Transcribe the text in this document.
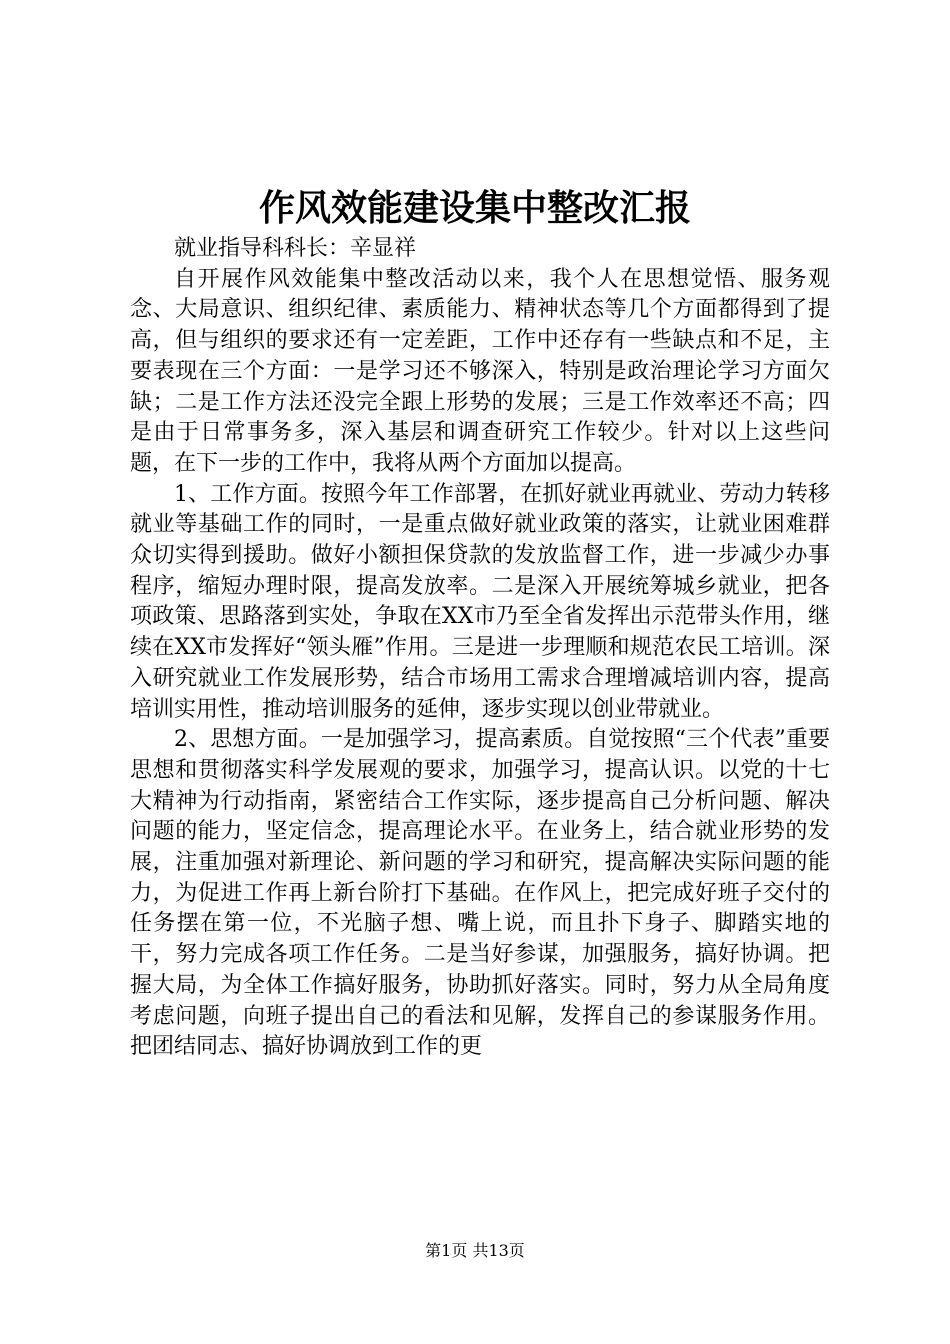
作风效能建设集中整改汇报

就业指导科科长：辛显祥

自开展作风效能集中整改活动以来，我个人在思想觉悟、服务观念、大局意识、组织纪律、素质能力、精神状态等几个方面都得到了提高，但与组织的要求还有一定差距，工作中还存有一些缺点和不足，主要表现在三个方面：一是学习还不够深入，特别是政治理论学习方面欠缺；二是工作方法还没完全跟上形势的发展；三是工作效率还不高；四是由于日常事务多，深入基层和调查研究工作较少。针对以上这些问题，在下一步的工作中，我将从两个方面加以提高。

1、工作方面。按照今年工作部署，在抓好就业再就业、劳动力转移就业等基础工作的同时，一是重点做好就业政策的落实，让就业困难群众切实得到援助。做好小额担保贷款的发放监督工作，进一步减少办事程序，缩短办理时限，提高发放率。二是深入开展统筹城乡就业，把各项政策、思路落到实处，争取在XX市乃至全省发挥出示范带头作用，继续在XX市发挥好“领头雁”作用。三是进一步理顺和规范农民工培训。深入研究就业工作发展形势，结合市场用工需求合理增减培训内容，提高培训实用性，推动培训服务的延伸，逐步实现以创业带就业。

2、思想方面。一是加强学习，提高素质。自觉按照“三个代表”重要思想和贯彻落实科学发展观的要求，加强学习，提高认识。以党的十七大精神为行动指南，紧密结合工作实际，逐步提高自己分析问题、解决问题的能力，坚定信念，提高理论水平。在业务上，结合就业形势的发展，注重加强对新理论、新问题的学习和研究，提高解决实际问题的能力，为促进工作再上新台阶打下基础。在作风上，把完成好班子交付的任务摆在第一位，不光脑子想、嘴上说，而且扑下身子、脚踏实地的干，努力完成各项工作任务。二是当好参谋，加强服务，搞好协调。把握大局，为全体工作搞好服务，协助抓好落实。同时，努力从全局角度考虑问题，向班子提出自己的看法和见解，发挥自己的参谋服务作用。把团结同志、搞好协调放到工作的更

第1页 共13页
